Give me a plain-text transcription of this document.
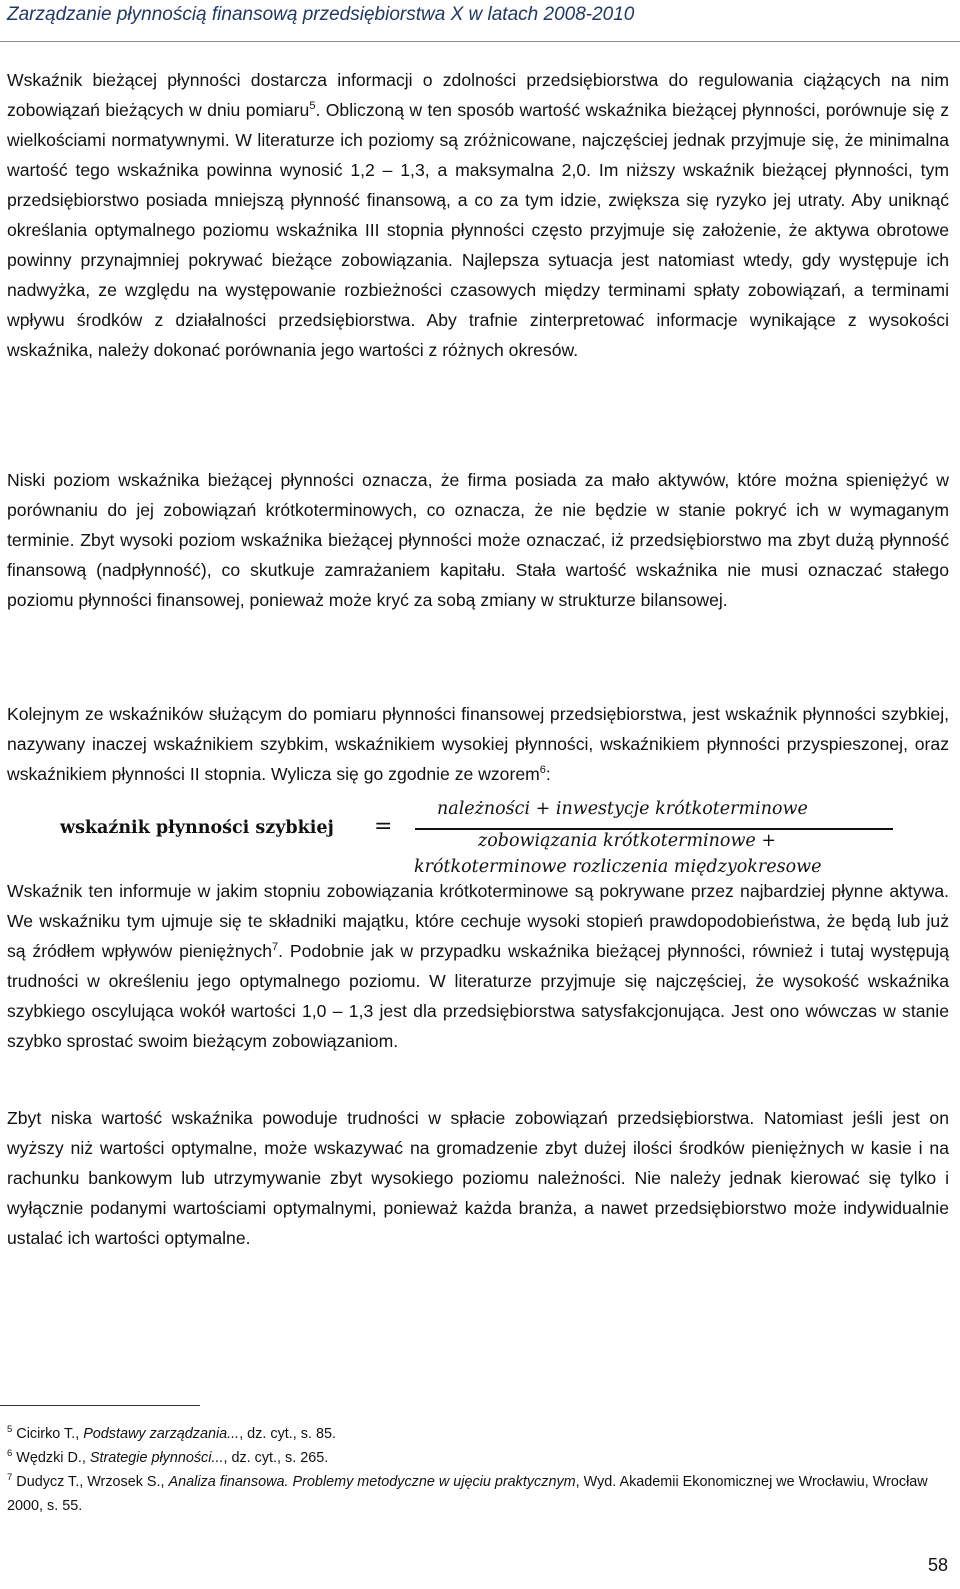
Zarządzanie płynnością finansową przedsiębiorstwa X w latach 2008-2010

Wskaźnik bieżącej płynności dostarcza informacji o zdolności przedsiębiorstwa do regulowania ciążących na nim zobowiązań bieżących w dniu pomiaru$^5$. Obliczoną w ten sposób wartość wskaźnika bieżącej płynności, porównuje się z wielkościami normatywnymi. W literaturze ich poziomy są zróżnicowane, najczęściej jednak przyjmuje się, że minimalna wartość tego wskaźnika powinna wynosić 1,2 – 1,3, a maksymalna 2,0. Im niższy wskaźnik bieżącej płynności, tym przedsiębiorstwo posiada mniejszą płynność finansową, a co za tym idzie, zwiększa się ryzyko jej utraty. Aby uniknąć określania optymalnego poziomu wskaźnika III stopnia płynności często przyjmuje się założenie, że aktywa obrotowe powinny przynajmniej pokrywać bieżące zobowiązania. Najlepsza sytuacja jest natomiast wtedy, gdy występuje ich nadwyżka, ze względu na występowanie rozbieżności czasowych między terminami spłaty zobowiązań, a terminami wpływu środków z działalności przedsiębiorstwa. Aby trafnie zinterpretować informacje wynikające z wysokości wskaźnika, należy dokonać porównania jego wartości z różnych okresów.

Niski poziom wskaźnika bieżącej płynności oznacza, że firma posiada za mało aktywów, które można spieniężyć w porównaniu do jej zobowiązań krótkoterminowych, co oznacza, że nie będzie w stanie pokryć ich w wymaganym terminie. Zbyt wysoki poziom wskaźnika bieżącej płynności może oznaczać, iż przedsiębiorstwo ma zbyt dużą płynność finansową (nadpłynność), co skutkuje zamrażaniem kapitału. Stała wartość wskaźnika nie musi oznaczać stałego poziomu płynności finansowej, ponieważ może kryć za sobą zmiany w strukturze bilansowej.

Kolejnym ze wskaźników służącym do pomiaru płynności finansowej przedsiębiorstwa, jest wskaźnik płynności szybkiej, nazywany inaczej wskaźnikiem szybkim, wskaźnikiem wysokiej płynności, wskaźnikiem płynności przyspieszonej, oraz wskaźnikiem płynności II stopnia. Wylicza się go zgodnie ze wzorem$^6$:

wskaźnik płynności szybkiej =
należności + inwestycje krótkoterminowe
zobowiązania krótkoterminowe +
krótkoterminowe rozliczenia międzyokresowe

Wskaźnik ten informuje w jakim stopniu zobowiązania krótkoterminowe są pokrywane przez najbardziej płynne aktywa. We wskaźniku tym ujmuje się te składniki majątku, które cechuje wysoki stopień prawdopodobieństwa, że będą lub już są źródłem wpływów pieniężnych$^7$. Podobnie jak w przypadku wskaźnika bieżącej płynności, również i tutaj występują trudności w określeniu jego optymalnego poziomu. W literaturze przyjmuje się najczęściej, że wysokość wskaźnika szybkiego oscylująca wokół wartości 1,0 – 1,3 jest dla przedsiębiorstwa satysfakcjonująca. Jest ono wówczas w stanie szybko sprostać swoim bieżącym zobowiązaniom.

Zbyt niska wartość wskaźnika powoduje trudności w spłacie zobowiązań przedsiębiorstwa. Natomiast jeśli jest on wyższy niż wartości optymalne, może wskazywać na gromadzenie zbyt dużej ilości środków pieniężnych w kasie i na rachunku bankowym lub utrzymywanie zbyt wysokiego poziomu należności. Nie należy jednak kierować się tylko i wyłącznie podanymi wartościami optymalnymi, ponieważ każda branża, a nawet przedsiębiorstwo może indywidualnie ustalać ich wartości optymalne.

$^5$ Cicirko T., Podstawy zarządzania..., dz. cyt., s. 85.

$^6$ Wędzki D., Strategie płynności..., dz. cyt., s. 265.

$^7$ Dudycz T., Wrzosek S., Analiza finansowa. Problemy metodyczne w ujęciu praktycznym, Wyd. Akademii Ekonomicznej we Wrocławiu, Wrocław 2000, s. 55.

58
